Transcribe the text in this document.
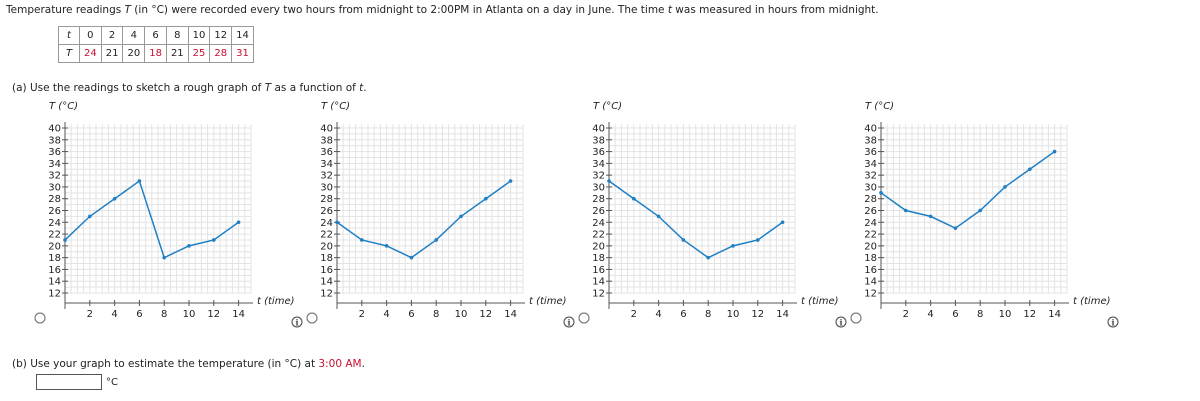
Temperature readings T (in °C) were recorded every two hours from midnight to 2:00PM in Atlanta on a day in June. The time t was measured in hours from midnight.
t	0	2	4	6	8	10	12	14
T	24	21	20	18	21	25	28	31
(a) Use the readings to sketch a rough graph of T as a function of t.
12
14
16
18
20
22
24
26
28
30
32
34
36
38
40
2 4 6 8 10 12 14
T (°C)
t (time)
i
12
14
16
18
20
22
24
26
28
30
32
34
36
38
40
2 4 6 8 10 12 14
T (°C)
t (time)
i
12
14
16
18
20
22
24
26
28
30
32
34
36
38
40
2 4 6 8 10 12 14
T (°C)
t (time)
i
12
14
16
18
20
22
24
26
28
30
32
34
36
38
40
2 4 6 8 10 12 14
T (°C)
t (time)
i
(b) Use your graph to estimate the temperature (in °C) at 3:00 AM.
°C
